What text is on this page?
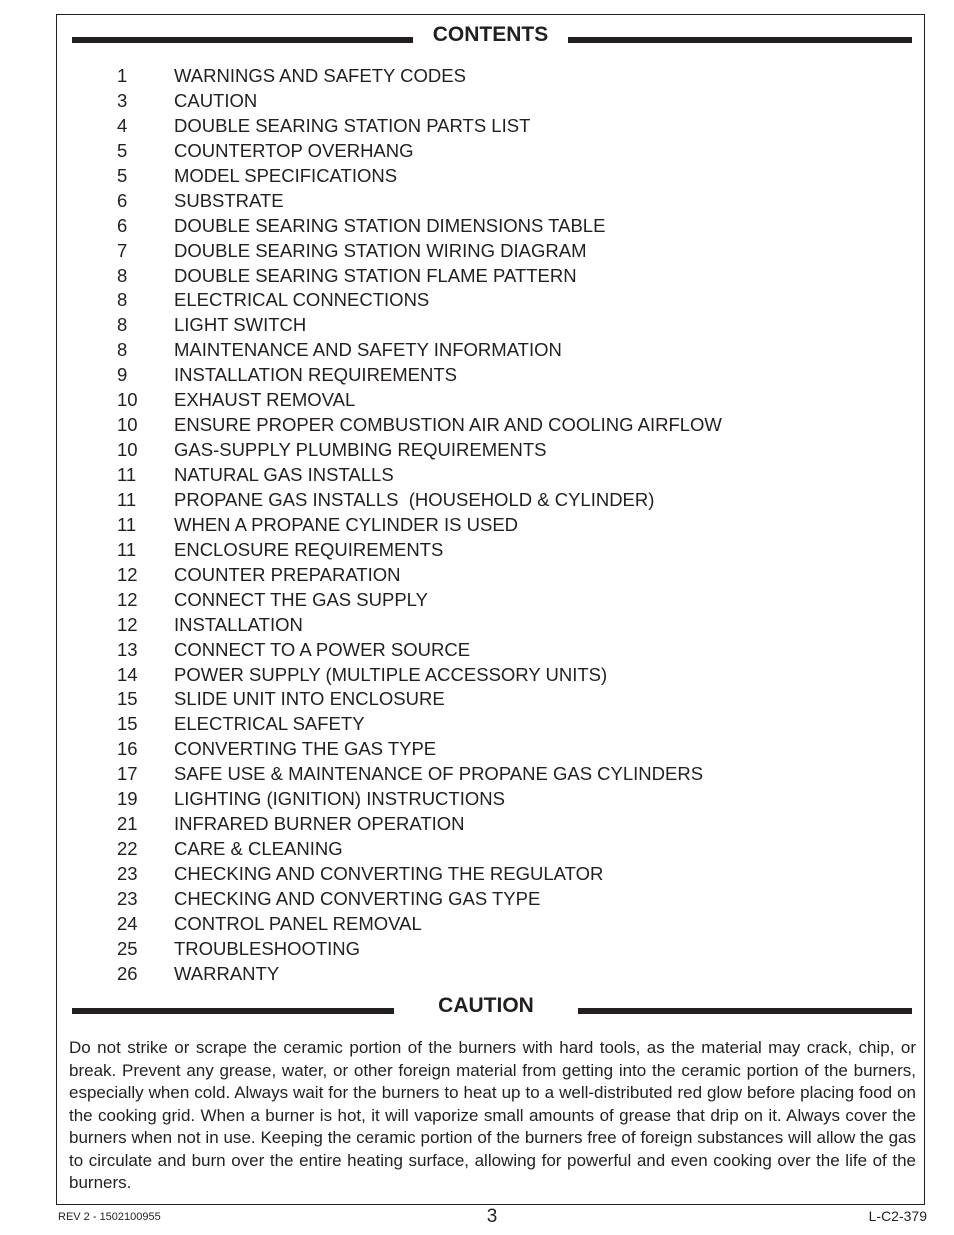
CONTENTS
1	WARNINGS AND SAFETY CODES
3	CAUTION
4	DOUBLE SEARING STATION PARTS LIST
5	COUNTERTOP OVERHANG
5	MODEL SPECIFICATIONS
6	SUBSTRATE
6	DOUBLE SEARING STATION DIMENSIONS TABLE
7	DOUBLE SEARING STATION WIRING DIAGRAM
8	DOUBLE SEARING STATION FLAME PATTERN
8	ELECTRICAL CONNECTIONS
8	LIGHT SWITCH
8	MAINTENANCE AND SAFETY INFORMATION
9	INSTALLATION REQUIREMENTS
10 EXHAUST REMOVAL
10 ENSURE PROPER COMBUSTION AIR AND COOLING AIRFLOW
10 GAS-SUPPLY PLUMBING REQUIREMENTS
11 NATURAL GAS INSTALLS
11 PROPANE GAS INSTALLS  (HOUSEHOLD & CYLINDER)
11 WHEN A PROPANE CYLINDER IS USED
11 ENCLOSURE REQUIREMENTS
12 COUNTER PREPARATION
12 CONNECT THE GAS SUPPLY
12 INSTALLATION
13 CONNECT TO A POWER SOURCE
14 POWER SUPPLY (MULTIPLE ACCESSORY UNITS)
15 SLIDE UNIT INTO ENCLOSURE
15 ELECTRICAL SAFETY
16 CONVERTING THE GAS TYPE
17 SAFE USE & MAINTENANCE OF PROPANE GAS CYLINDERS
19 LIGHTING (IGNITION) INSTRUCTIONS
21 INFRARED BURNER OPERATION
22 CARE & CLEANING
23 CHECKING AND CONVERTING THE REGULATOR
23 CHECKING AND CONVERTING GAS TYPE
24 CONTROL PANEL REMOVAL
25 TROUBLESHOOTING
26 WARRANTY
CAUTION

Do not strike or scrape the ceramic portion of the burners with hard tools, as the material may crack, chip, or break. Prevent any grease, water, or other foreign material from getting into the ceramic portion of the burners, especially when cold. Always wait for the burners to heat up to a well-distributed red glow before placing food on the cooking grid. When a burner is hot, it will vaporize small amounts of grease that drip on it. Always cover the burners when not in use. Keeping the ceramic portion of the burners free of foreign substances will allow the gas to circulate and burn over the entire heating surface, allowing for powerful and even cooking over the life of the burners.

REV 2 - 1502100955	3	L-C2-379
